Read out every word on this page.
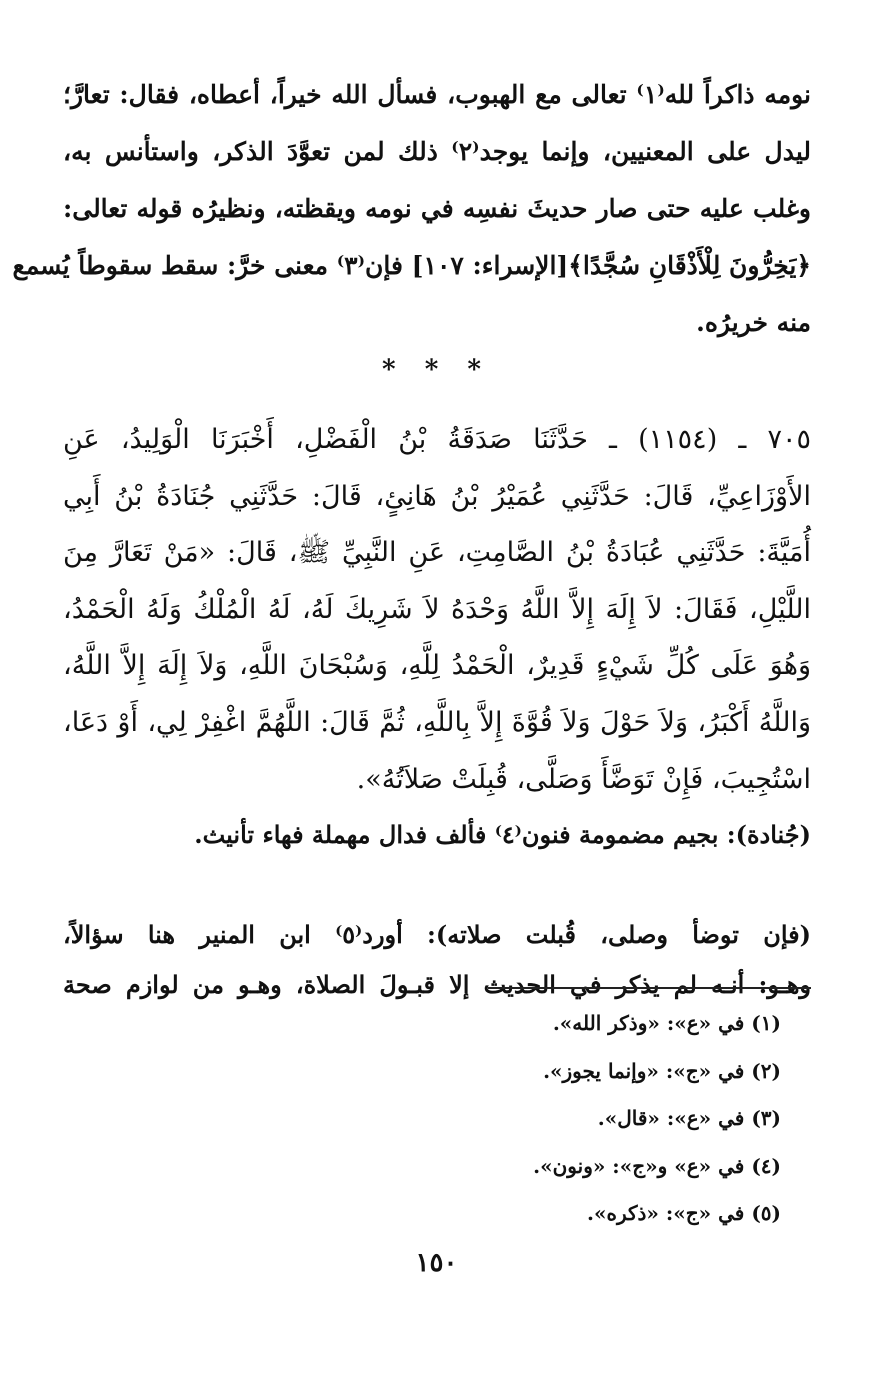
نومه ذاكراً لله⁽١⁾ تعالى مع الهبوب، فسأل الله خيراً، أعطاه، فقال: تعارَّ؛
ليدل على المعنيين، وإنما يوجد⁽٢⁾ ذلك لمن تعوَّدَ الذكر، واستأنس به،
وغلب عليه حتى صار حديثَ نفسِه في نومه ويقظته، ونظيرُه قوله تعالى:
﴿يَخِرُّونَ لِلْأَذْقَانِ سُجَّدًا﴾[الإسراء: ١٠٧] فإن⁽٣⁾ معنى خرَّ: سقط سقوطاً يُسمع
منه خريرُه.
* * *
٧٠٥ ـ (١١٥٤) ـ حَدَّثَنَا صَدَقَةُ بْنُ الْفَضْلِ، أَخْبَرَنَا الْوَلِيدُ، عَنِ
الأَوْزَاعِيِّ، قَالَ: حَدَّثَنِي عُمَيْرُ بْنُ هَانِئٍ، قَالَ: حَدَّثَنِي جُنَادَةُ بْنُ أَبِي
أُمَيَّةَ: حَدَّثَنِي عُبَادَةُ بْنُ الصَّامِتِ، عَنِ النَّبِيِّ ﷺ، قَالَ: «مَنْ تَعَارَّ مِنَ
اللَّيْلِ، فَقَالَ: لاَ إِلَهَ إِلاَّ اللَّهُ وَحْدَهُ لاَ شَرِيكَ لَهُ، لَهُ الْمُلْكُ وَلَهُ الْحَمْدُ،
وَهُوَ عَلَى كُلِّ شَيْءٍ قَدِيرٌ، الْحَمْدُ لِلَّهِ، وَسُبْحَانَ اللَّهِ، وَلاَ إِلَهَ إِلاَّ اللَّهُ،
وَاللَّهُ أَكْبَرُ، وَلاَ حَوْلَ وَلاَ قُوَّةَ إِلاَّ بِاللَّهِ، ثُمَّ قَالَ: اللَّهُمَّ اغْفِرْ لِي، أَوْ دَعَا،
اسْتُجِيبَ، فَإِنْ تَوَضَّأَ وَصَلَّى، قُبِلَتْ صَلاَتُهُ».
(جُنادة): بجيم مضمومة فنون⁽٤⁾ فألف فدال مهملة فهاء تأنيث.
(فإن توضأ وصلى، قُبلت صلاته): أورد⁽٥⁾ ابن المنير هنا سؤالاً،
وهـو: أنـه لم يذكر في الحديث إلا قبـولَ الصلاة، وهـو من لوازم صحة
(١) في «ع»: «وذكر الله».
(٢) في «ج»: «وإنما يجوز».
(٣) في «ع»: «قال».
(٤) في «ع» و«ج»: «ونون».
(٥) في «ج»: «ذكره».
١٥٠
